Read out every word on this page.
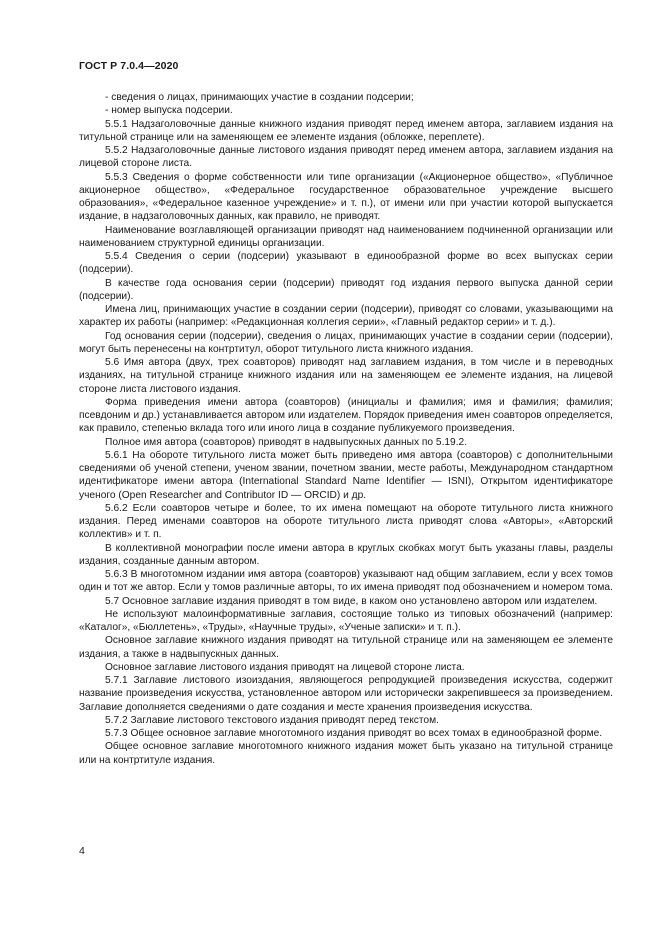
ГОСТ Р 7.0.4—2020

- сведения о лицах, принимающих участие в создании подсерии;

- номер выпуска подсерии.

5.5.1 Надзаголовочные данные книжного издания приводят перед именем автора, заглавием издания на титульной странице или на заменяющем ее элементе издания (обложке, переплете).

5.5.2 Надзаголовочные данные листового издания приводят перед именем автора, заглавием издания на лицевой стороне листа.

5.5.3 Сведения о форме собственности или типе организации («Акционерное общество», «Публичное акционерное общество», «Федеральное государственное образовательное учреждение высшего образования», «Федеральное казенное учреждение» и т. п.), от имени или при участии которой выпускается издание, в надзаголовочных данных, как правило, не приводят.

Наименование возглавляющей организации приводят над наименованием подчиненной организации или наименованием структурной единицы организации.

5.5.4 Сведения о серии (подсерии) указывают в единообразной форме во всех выпусках серии (подсерии).

В качестве года основания серии (подсерии) приводят год издания первого выпуска данной серии (подсерии).

Имена лиц, принимающих участие в создании серии (подсерии), приводят со словами, указывающими на характер их работы (например: «Редакционная коллегия серии», «Главный редактор серии» и т. д.).

Год основания серии (подсерии), сведения о лицах, принимающих участие в создании серии (подсерии), могут быть перенесены на контртитул, оборот титульного листа книжного издания.

5.6 Имя автора (двух, трех соавторов) приводят над заглавием издания, в том числе и в переводных изданиях, на титульной странице книжного издания или на заменяющем ее элементе издания, на лицевой стороне листа листового издания.

Форма приведения имени автора (соавторов) (инициалы и фамилия; имя и фамилия; фамилия; псевдоним и др.) устанавливается автором или издателем. Порядок приведения имен соавторов определяется, как правило, степенью вклада того или иного лица в создание публикуемого произведения.

Полное имя автора (соавторов) приводят в надвыпускных данных по 5.19.2.

5.6.1 На обороте титульного листа может быть приведено имя автора (соавторов) с дополнительными сведениями об ученой степени, ученом звании, почетном звании, месте работы, Международном стандартном идентификаторе имени автора (International Standard Name Identifier — ISNI), Открытом идентификаторе ученого (Open Researcher and Contributor ID — ORCID) и др.

5.6.2 Если соавторов четыре и более, то их имена помещают на обороте титульного листа книжного издания. Перед именами соавторов на обороте титульного листа приводят слова «Авторы», «Авторский коллектив» и т. п.

В коллективной монографии после имени автора в круглых скобках могут быть указаны главы, разделы издания, созданные данным автором.

5.6.3 В многотомном издании имя автора (соавторов) указывают над общим заглавием, если у всех томов один и тот же автор. Если у томов различные авторы, то их имена приводят под обозначением и номером тома.

5.7 Основное заглавие издания приводят в том виде, в каком оно установлено автором или издателем.

Не используют малоинформативные заглавия, состоящие только из типовых обозначений (например: «Каталог», «Бюллетень», «Труды», «Научные труды», «Ученые записки» и т. п.).

Основное заглавие книжного издания приводят на титульной странице или на заменяющем ее элементе издания, а также в надвыпускных данных.

Основное заглавие листового издания приводят на лицевой стороне листа.

5.7.1 Заглавие листового изоиздания, являющегося репродукцией произведения искусства, содержит название произведения искусства, установленное автором или исторически закрепившееся за произведением. Заглавие дополняется сведениями о дате создания и месте хранения произведения искусства.

5.7.2 Заглавие листового текстового издания приводят перед текстом.

5.7.3 Общее основное заглавие многотомного издания приводят во всех томах в единообразной форме.

Общее основное заглавие многотомного книжного издания может быть указано на титульной странице или на контртитуле издания.

4
